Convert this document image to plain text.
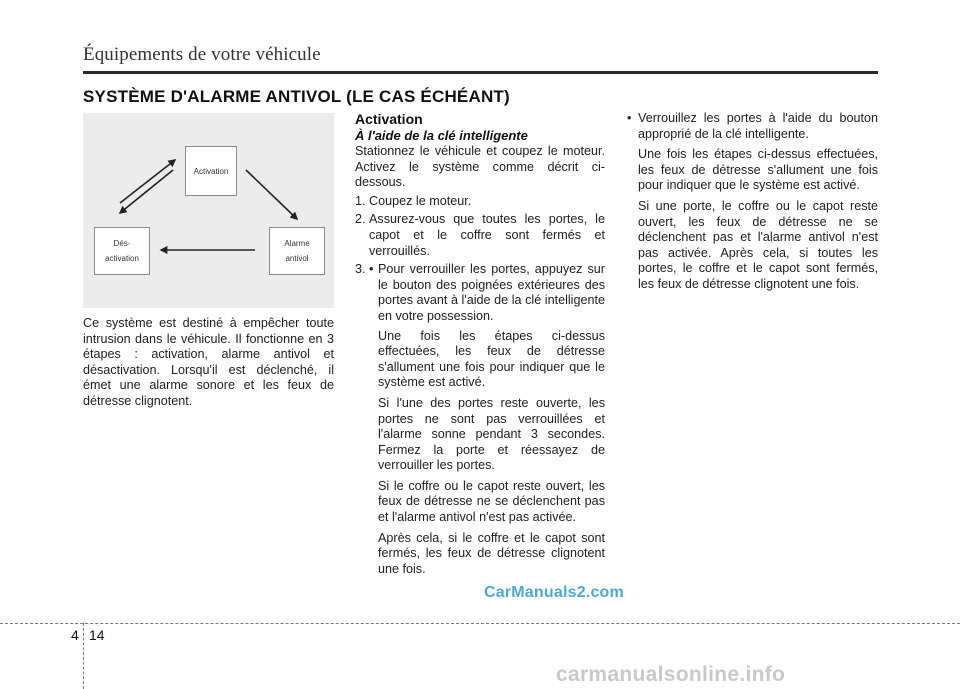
Équipements de votre véhicule
SYSTÈME D'ALARME ANTIVOL (LE CAS ÉCHÉANT)
Activation
Dés-
activation
Alarme
antivol

Ce système est destiné à empêcher toute intrusion dans le véhicule. Il fonctionne en 3 étapes : activation, alarme antivol et désactivation. Lorsqu'il est déclenché, il émet une alarme sonore et les feux de détresse clignotent.

Activation

À l'aide de la clé intelligente

Stationnez le véhicule et coupez le moteur. Activez le système comme décrit ci-dessous.

1. Coupez le moteur.
2. Assurez-vous que toutes les portes, le capot et le coffre sont fermés et verrouillés.
3. • Pour verrouiller les portes, appuyez sur le bouton des poignées extérieures des portes avant à l'aide de la clé intelligente en votre possession.

Une fois les étapes ci-dessus effectuées, les feux de détresse s'allument une fois pour indiquer que le système est activé.

Si l'une des portes reste ouverte, les portes ne sont pas verrouillées et l'alarme sonne pendant 3 secondes. Fermez la porte et réessayez de verrouiller les portes.

Si le coffre ou le capot reste ouvert, les feux de détresse ne se déclenchent pas et l'alarme antivol n'est pas activée.

Après cela, si le coffre et le capot sont fermés, les feux de détresse clignotent une fois.

• Verrouillez les portes à l'aide du bouton approprié de la clé intelligente.

Une fois les étapes ci-dessus effectuées, les feux de détresse s'allument une fois pour indiquer que le système est activé.

Si une porte, le coffre ou le capot reste ouvert, les feux de détresse ne se déclenchent pas et l'alarme antivol n'est pas activée. Après cela, si toutes les portes, le coffre et le capot sont fermés, les feux de détresse clignotent une fois.

CarManuals2.com
4 14
carmanualsonline.info
